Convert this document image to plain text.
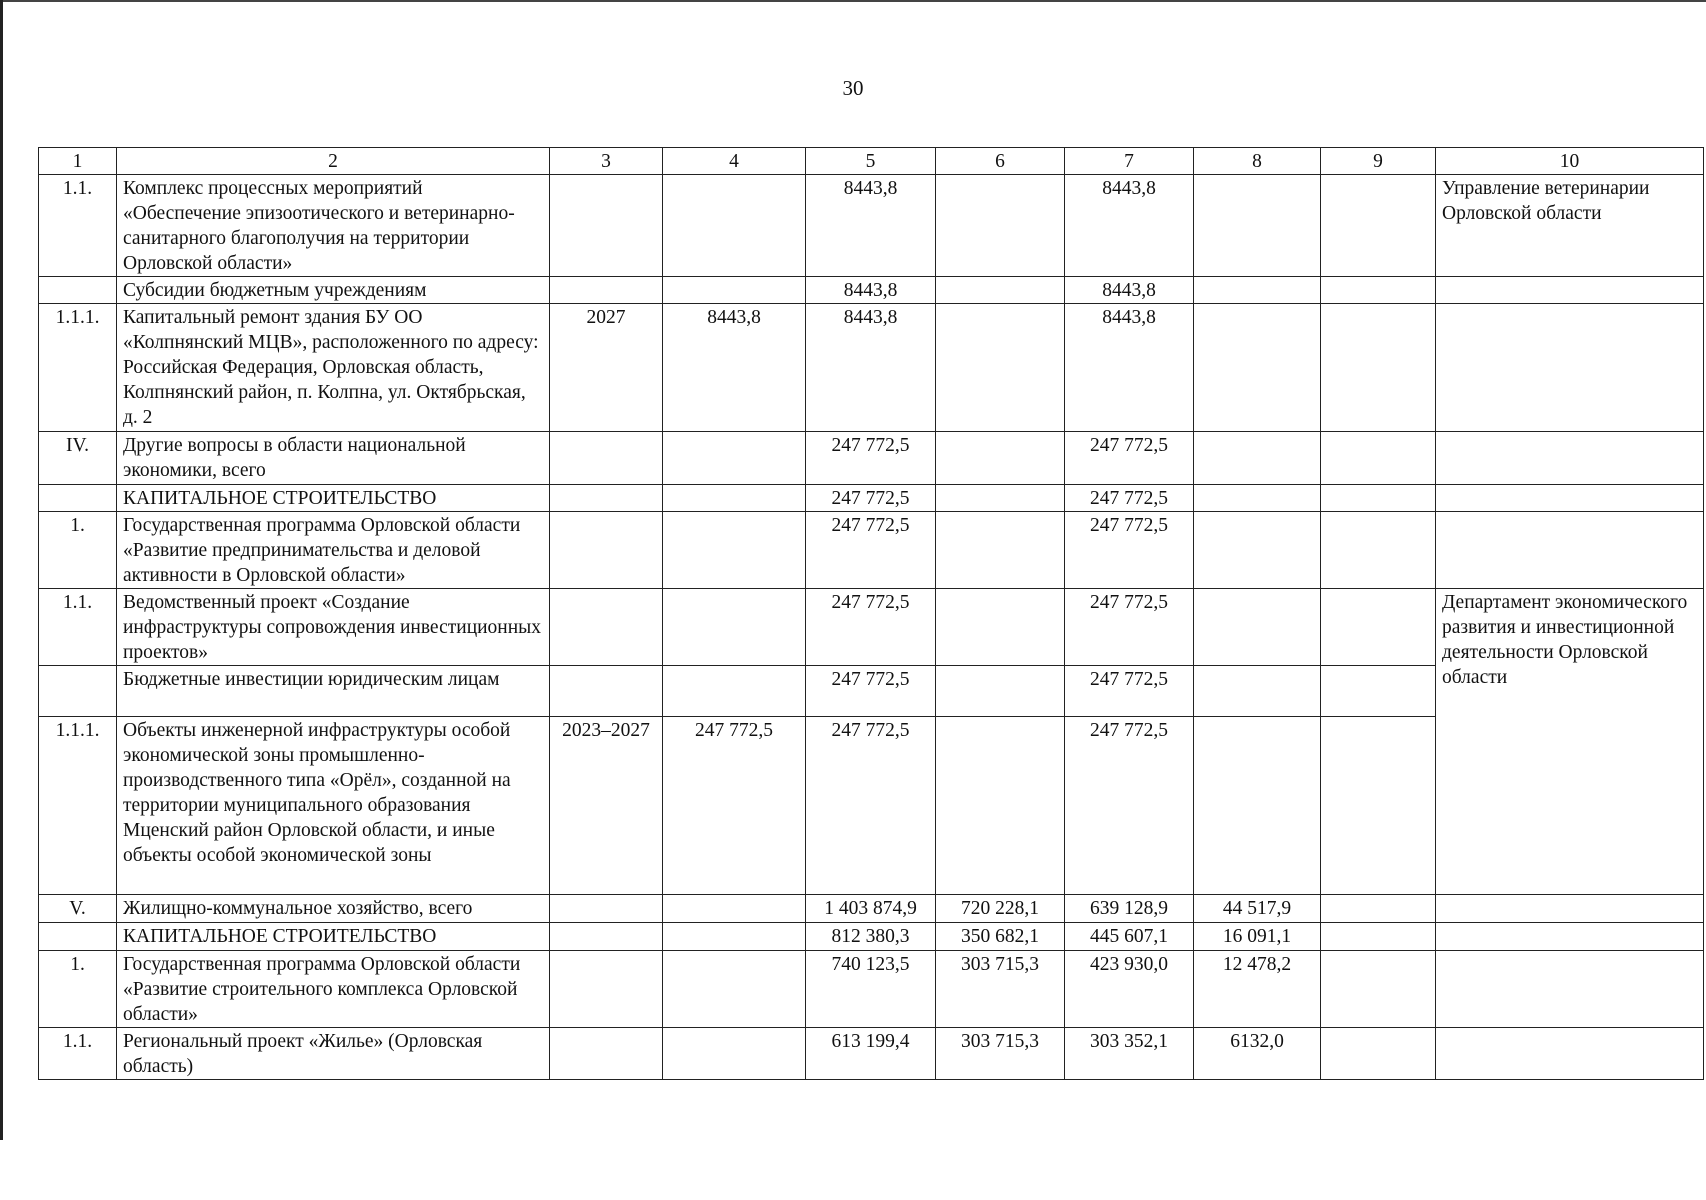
30
1	2	3	4	5	6	7	8	9	10
1.1.	Комплекс процессных мероприятий «Обеспечение эпизоотического и ветеринарно-санитарного благополучия на территории Орловской области»			8443,8		8443,8			Управление ветеринарии Орловской области
	Субсидии бюджетным учреждениям			8443,8		8443,8			
1.1.1.	Капитальный ремонт здания БУ ОО «Колпнянский МЦВ», расположенного по адресу: Российская Федерация, Орловская область, Колпнянский район, п. Колпна, ул. Октябрьская, д. 2	2027	8443,8	8443,8		8443,8			
IV.	Другие вопросы в области национальной экономики, всего			247 772,5		247 772,5			
	КАПИТАЛЬНОЕ СТРОИТЕЛЬСТВО			247 772,5		247 772,5			
1.	Государственная программа Орловской области «Развитие предпринимательства и деловой активности в Орловской области»			247 772,5		247 772,5			
1.1.	Ведомственный проект «Создание инфраструктуры сопровождения инвестиционных проектов»			247 772,5		247 772,5			Департамент экономического развития и инвестиционной деятельности Орловской области
	Бюджетные инвестиции юридическим лицам			247 772,5		247 772,5			
1.1.1.	Объекты инженерной инфраструктуры особой экономической зоны промышленно-производственного типа «Орёл», созданной на территории муниципального образования Мценский район Орловской области, и иные объекты особой экономической зоны	2023–2027	247 772,5	247 772,5		247 772,5			
V.	Жилищно-коммунальное хозяйство, всего			1 403 874,9	720 228,1	639 128,9	44 517,9		
	КАПИТАЛЬНОЕ СТРОИТЕЛЬСТВО			812 380,3	350 682,1	445 607,1	16 091,1		
1.	Государственная программа Орловской области «Развитие строительного комплекса Орловской области»			740 123,5	303 715,3	423 930,0	12 478,2		
1.1.	Региональный проект «Жилье» (Орловская область)			613 199,4	303 715,3	303 352,1	6132,0		
